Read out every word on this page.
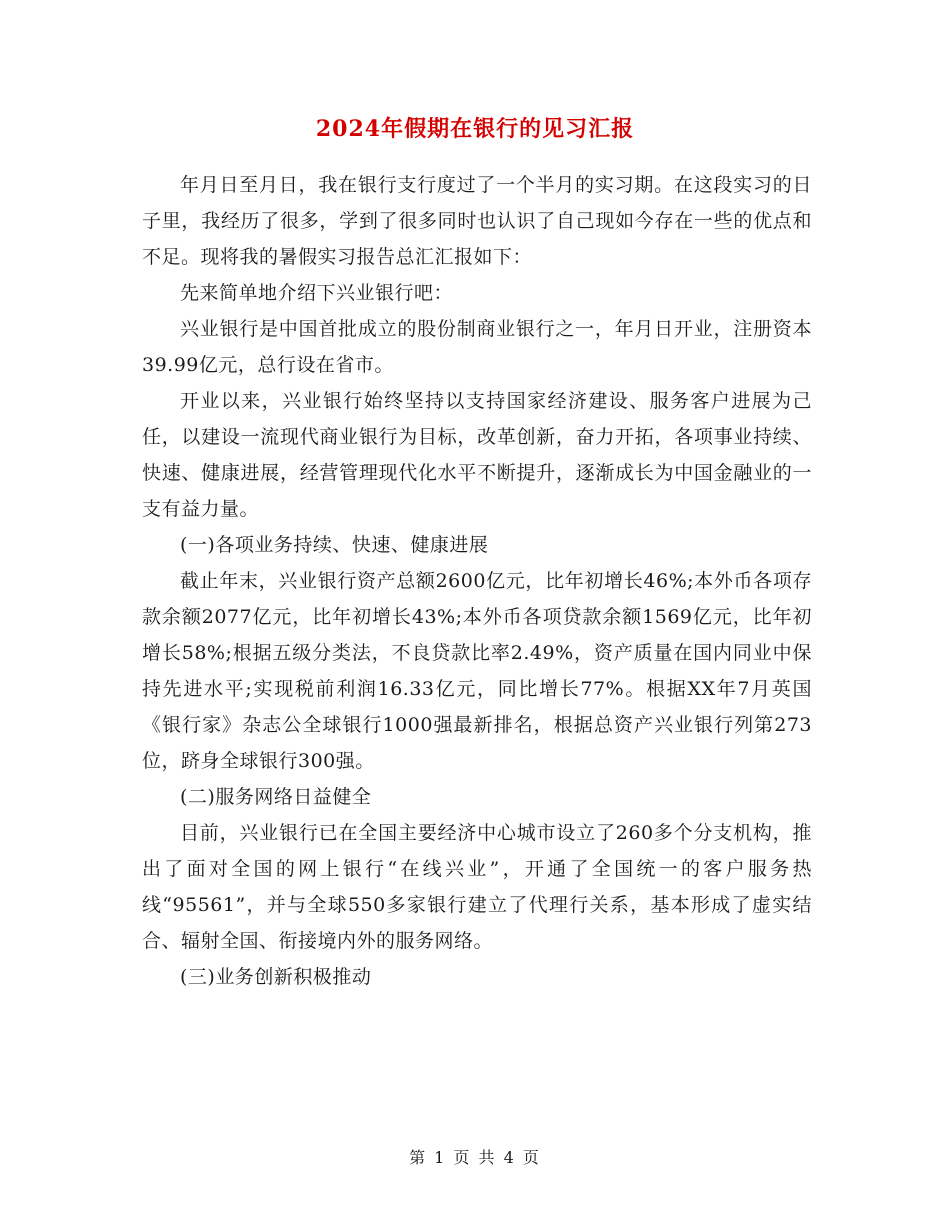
2024年假期在银行的见习汇报

年月日至月日，我在银行支行度过了一个半月的实习期。在这段实习的日子里，我经历了很多，学到了很多同时也认识了自己现如今存在一些的优点和不足。现将我的暑假实习报告总汇汇报如下：

先来简单地介绍下兴业银行吧：

兴业银行是中国首批成立的股份制商业银行之一，年月日开业，注册资本39.99亿元，总行设在省市。

开业以来，兴业银行始终坚持以支持国家经济建设、服务客户进展为己任，以建设一流现代商业银行为目标，改革创新，奋力开拓，各项事业持续、快速、健康进展，经营管理现代化水平不断提升，逐渐成长为中国金融业的一支有益力量。

(一)各项业务持续、快速、健康进展

截止年末，兴业银行资产总额2600亿元，比年初增长46%;本外币各项存款余额2077亿元，比年初增长43%;本外币各项贷款余额1569亿元，比年初增长58%;根据五级分类法，不良贷款比率2.49%，资产质量在国内同业中保持先进水平;实现税前利润16.33亿元，同比增长77%。根据XX年7月英国《银行家》杂志公全球银行1000强最新排名，根据总资产兴业银行列第273位，跻身全球银行300强。

(二)服务网络日益健全

目前，兴业银行已在全国主要经济中心城市设立了260多个分支机构，推出了面对全国的网上银行“在线兴业”，开通了全国统一的客户服务热线“95561”，并与全球550多家银行建立了代理行关系，基本形成了虚实结合、辐射全国、衔接境内外的服务网络。

(三)业务创新积极推动

第 1 页 共 4 页
